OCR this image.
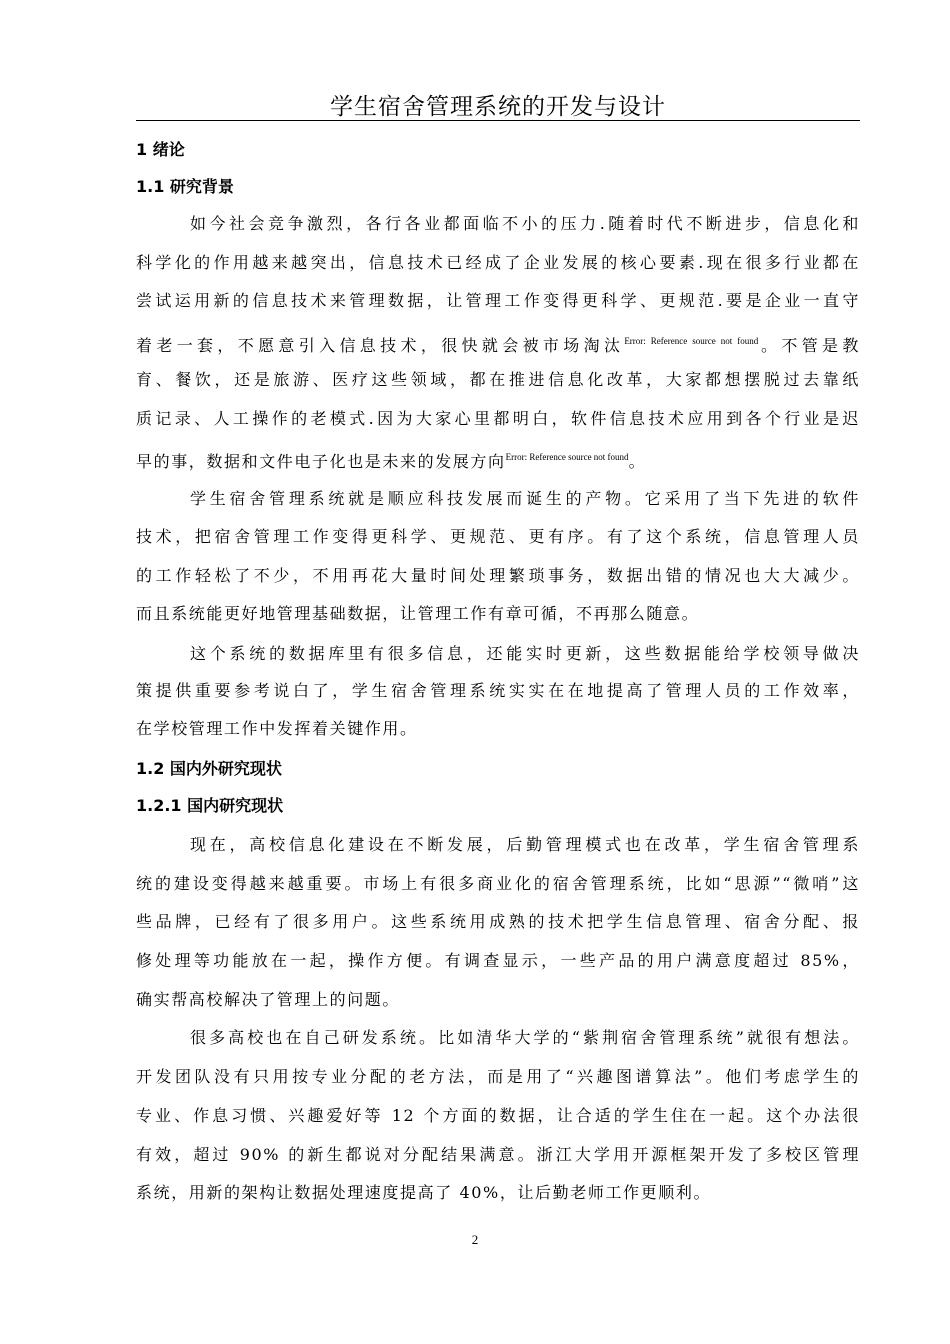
学生宿舍管理系统的开发与设计
1 绪论
1.1 研究背景
如今社会竞争激烈，各行各业都面临不小的压力.随着时代不断进步，信息化和
科学化的作用越来越突出，信息技术已经成了企业发展的核心要素.现在很多行业都在
尝试运用新的信息技术来管理数据，让管理工作变得更科学、更规范.要是企业一直守
着老一套，不愿意引入信息技术，很快就会被市场淘汰$^{Error: Reference source not found}$。不管是教
育、餐饮，还是旅游、医疗这些领域，都在推进信息化改革，大家都想摆脱过去靠纸
质记录、人工操作的老模式.因为大家心里都明白，软件信息技术应用到各个行业是迟
早的事，数据和文件电子化也是未来的发展方向$^{Error: Reference source not found}$。
学生宿舍管理系统就是顺应科技发展而诞生的产物。它采用了当下先进的软件
技术，把宿舍管理工作变得更科学、更规范、更有序。有了这个系统，信息管理人员
的工作轻松了不少，不用再花大量时间处理繁琐事务，数据出错的情况也大大减少。
而且系统能更好地管理基础数据，让管理工作有章可循，不再那么随意。
这个系统的数据库里有很多信息，还能实时更新，这些数据能给学校领导做决
策提供重要参考说白了，学生宿舍管理系统实实在在地提高了管理人员的工作效率，
在学校管理工作中发挥着关键作用。
1.2 国内外研究现状
1.2.1 国内研究现状
现在，高校信息化建设在不断发展，后勤管理模式也在改革，学生宿舍管理系
统的建设变得越来越重要。市场上有很多商业化的宿舍管理系统，比如“思源”“微哨”这
些品牌，已经有了很多用户。这些系统用成熟的技术把学生信息管理、宿舍分配、报
修处理等功能放在一起，操作方便。有调查显示，一些产品的用户满意度超过 85%，
确实帮高校解决了管理上的问题。
很多高校也在自己研发系统。比如清华大学的“紫荆宿舍管理系统”就很有想法。
开发团队没有只用按专业分配的老方法，而是用了“兴趣图谱算法”。他们考虑学生的
专业、作息习惯、兴趣爱好等 12 个方面的数据，让合适的学生住在一起。这个办法很
有效，超过 90% 的新生都说对分配结果满意。浙江大学用开源框架开发了多校区管理
系统，用新的架构让数据处理速度提高了 40%，让后勤老师工作更顺利。
2
